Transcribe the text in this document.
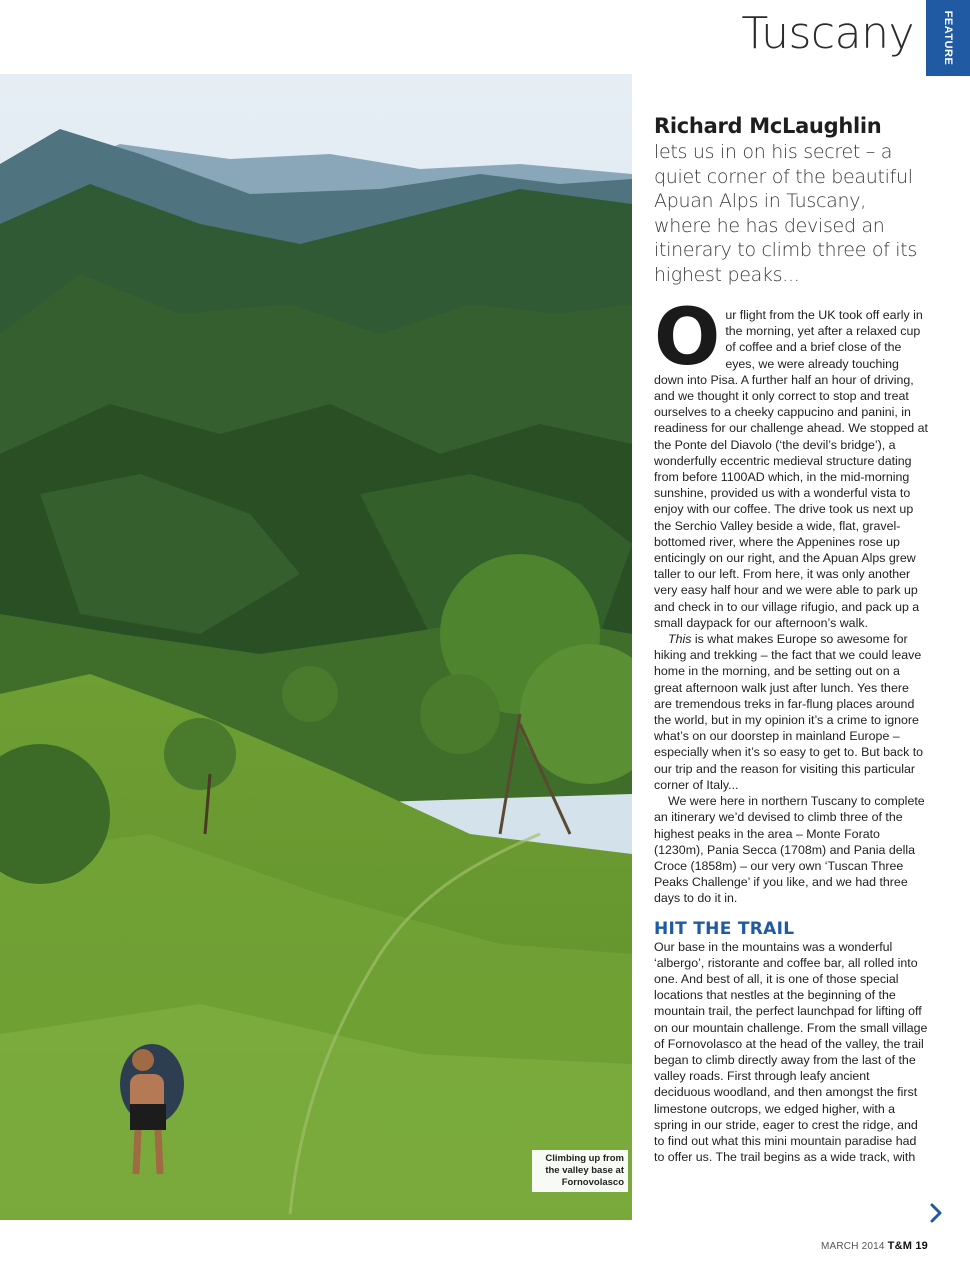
Tuscany	FEATURE
Climbing up from the valley base at Fornovolasco
Richard McLaughlin
lets us in on his secret – a quiet corner of the beautiful Apuan Alps in Tuscany, where he has devised an itinerary to climb three of its highest peaks...

Our flight from the UK took off early in the morning, yet after a relaxed cup of coffee and a brief close of the eyes, we were already touching down into Pisa. A further half an hour of driving, and we thought it only correct to stop and treat ourselves to a cheeky cappucino and panini, in readiness for our challenge ahead. We stopped at the Ponte del Diavolo (‘the devil’s bridge’), a wonderfully eccentric medieval structure dating from before 1100AD which, in the mid-morning sunshine, provided us with a wonderful vista to enjoy with our coffee. The drive took us next up the Serchio Valley beside a wide, flat, gravel-bottomed river, where the Appenines rose up enticingly on our right, and the Apuan Alps grew taller to our left. From here, it was only another very easy half hour and we were able to park up and check in to our village rifugio, and pack up a small daypack for our afternoon’s walk.

This is what makes Europe so awesome for hiking and trekking – the fact that we could leave home in the morning, and be setting out on a great afternoon walk just after lunch. Yes there are tremendous treks in far-flung places around the world, but in my opinion it’s a crime to ignore what’s on our doorstep in mainland Europe – especially when it’s so easy to get to. But back to our trip and the reason for visiting this particular corner of Italy...

We were here in northern Tuscany to complete an itinerary we’d devised to climb three of the highest peaks in the area – Monte Forato (1230m), Pania Secca (1708m) and Pania della Croce (1858m) – our very own ‘Tuscan Three Peaks Challenge’ if you like, and we had three days to do it in.

HIT THE TRAIL

Our base in the mountains was a wonderful ‘albergo’, ristorante and coffee bar, all rolled into one. And best of all, it is one of those special locations that nestles at the beginning of the mountain trail, the perfect launchpad for lifting off on our mountain challenge. From the small village of Fornovolasco at the head of the valley, the trail began to climb directly away from the last of the valley roads. First through leafy ancient deciduous woodland, and then amongst the first limestone outcrops, we edged higher, with a spring in our stride, eager to crest the ridge, and to find out what this mini mountain paradise had to offer us. The trail begins as a wide track, with

MARCH 2014 T&M 19
